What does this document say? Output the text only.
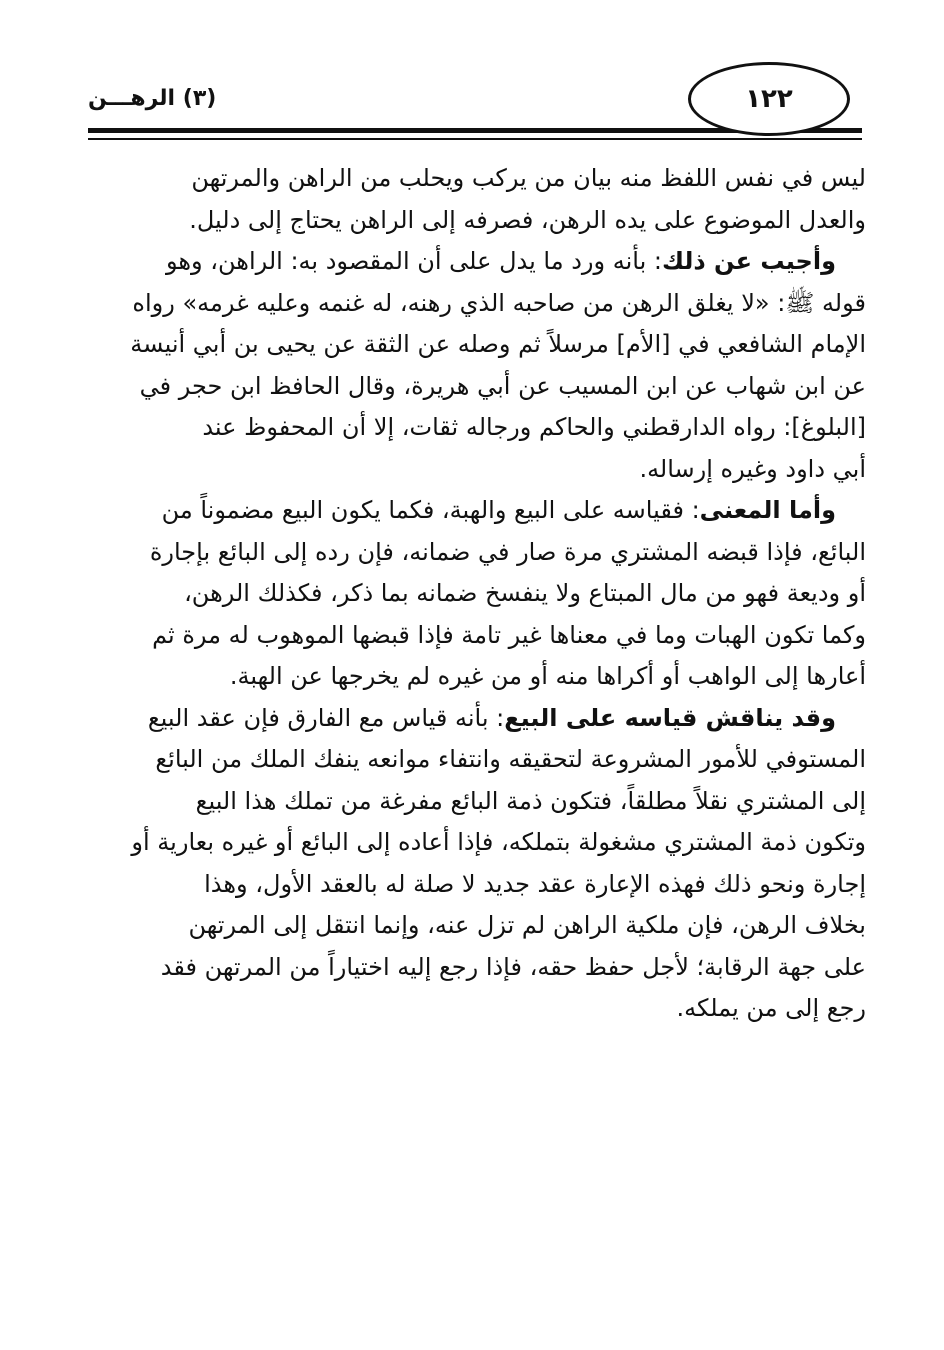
١٢٢
(٣) الرهـــن
ليس في نفس اللفظ منه بيان من يركب ويحلب من الراهن والمرتهن
والعدل الموضوع على يده الرهن، فصرفه إلى الراهن يحتاج إلى دليل.
وأجيب عن ذلك: بأنه ورد ما يدل على أن المقصود به: الراهن، وهو
قوله ﷺ: «لا يغلق الرهن من صاحبه الذي رهنه، له غنمه وعليه غرمه» رواه
الإمام الشافعي في [الأم] مرسلاً ثم وصله عن الثقة عن يحيى بن أبي أنيسة
عن ابن شهاب عن ابن المسيب عن أبي هريرة، وقال الحافظ ابن حجر في
[البلوغ]: رواه الدارقطني والحاكم ورجاله ثقات، إلا أن المحفوظ عند
أبي داود وغيره إرساله.
وأما المعنى: فقياسه على البيع والهبة، فكما يكون البيع مضموناً من
البائع، فإذا قبضه المشتري مرة صار في ضمانه، فإن رده إلى البائع بإجارة
أو وديعة فهو من مال المبتاع ولا ينفسخ ضمانه بما ذكر، فكذلك الرهن،
وكما تكون الهبات وما في معناها غير تامة فإذا قبضها الموهوب له مرة ثم
أعارها إلى الواهب أو أكراها منه أو من غيره لم يخرجها عن الهبة.
وقد يناقش قياسه على البيع: بأنه قياس مع الفارق فإن عقد البيع
المستوفي للأمور المشروعة لتحقيقه وانتفاء موانعه ينفك الملك من البائع
إلى المشتري نقلاً مطلقاً، فتكون ذمة البائع مفرغة من تملك هذا البيع
وتكون ذمة المشتري مشغولة بتملكه، فإذا أعاده إلى البائع أو غيره بعارية أو
إجارة ونحو ذلك فهذه الإعارة عقد جديد لا صلة له بالعقد الأول، وهذا
بخلاف الرهن، فإن ملكية الراهن لم تزل عنه، وإنما انتقل إلى المرتهن
على جهة الرقابة؛ لأجل حفظ حقه، فإذا رجع إليه اختياراً من المرتهن فقد
رجع إلى من يملكه.
